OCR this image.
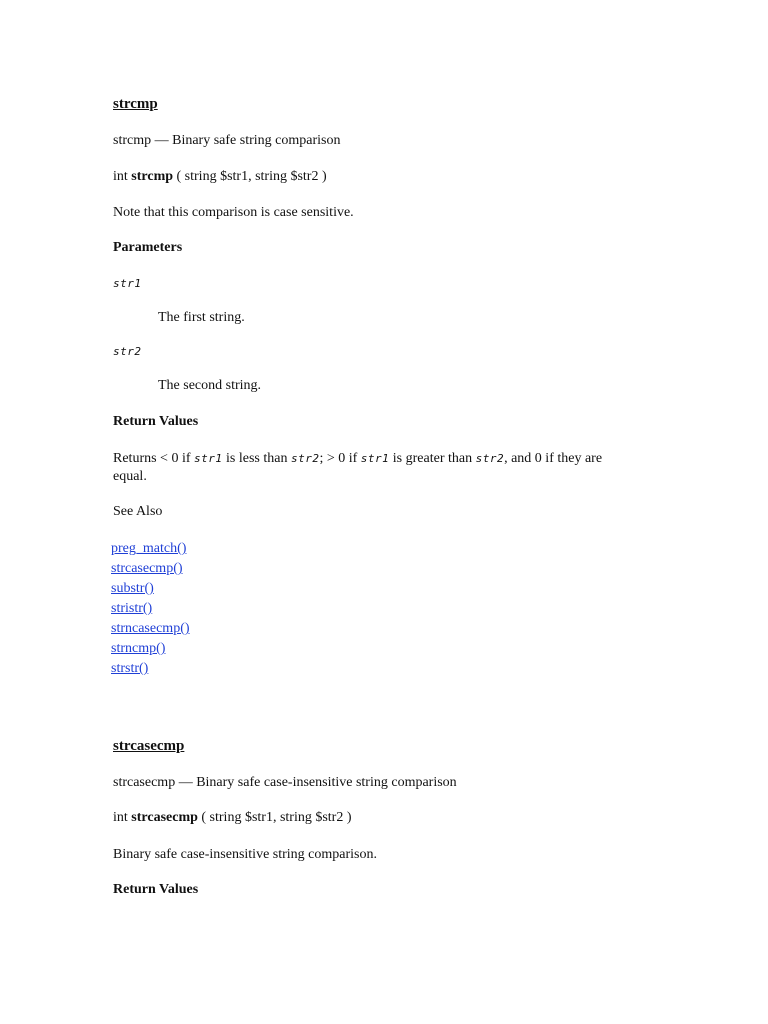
strcmp
strcmp — Binary safe string comparison
int strcmp ( string $str1, string $str2 )
Note that this comparison is case sensitive.
Parameters
str1
The first string.
str2
The second string.
Return Values
Returns < 0 if str1 is less than str2; > 0 if str1 is greater than str2, and 0 if they are
equal.
See Also
preg_match()
strcasecmp()
substr()
stristr()
strncasecmp()
strncmp()
strstr()
strcasecmp
strcasecmp — Binary safe case-insensitive string comparison
int strcasecmp ( string $str1, string $str2 )
Binary safe case-insensitive string comparison.
Return Values
